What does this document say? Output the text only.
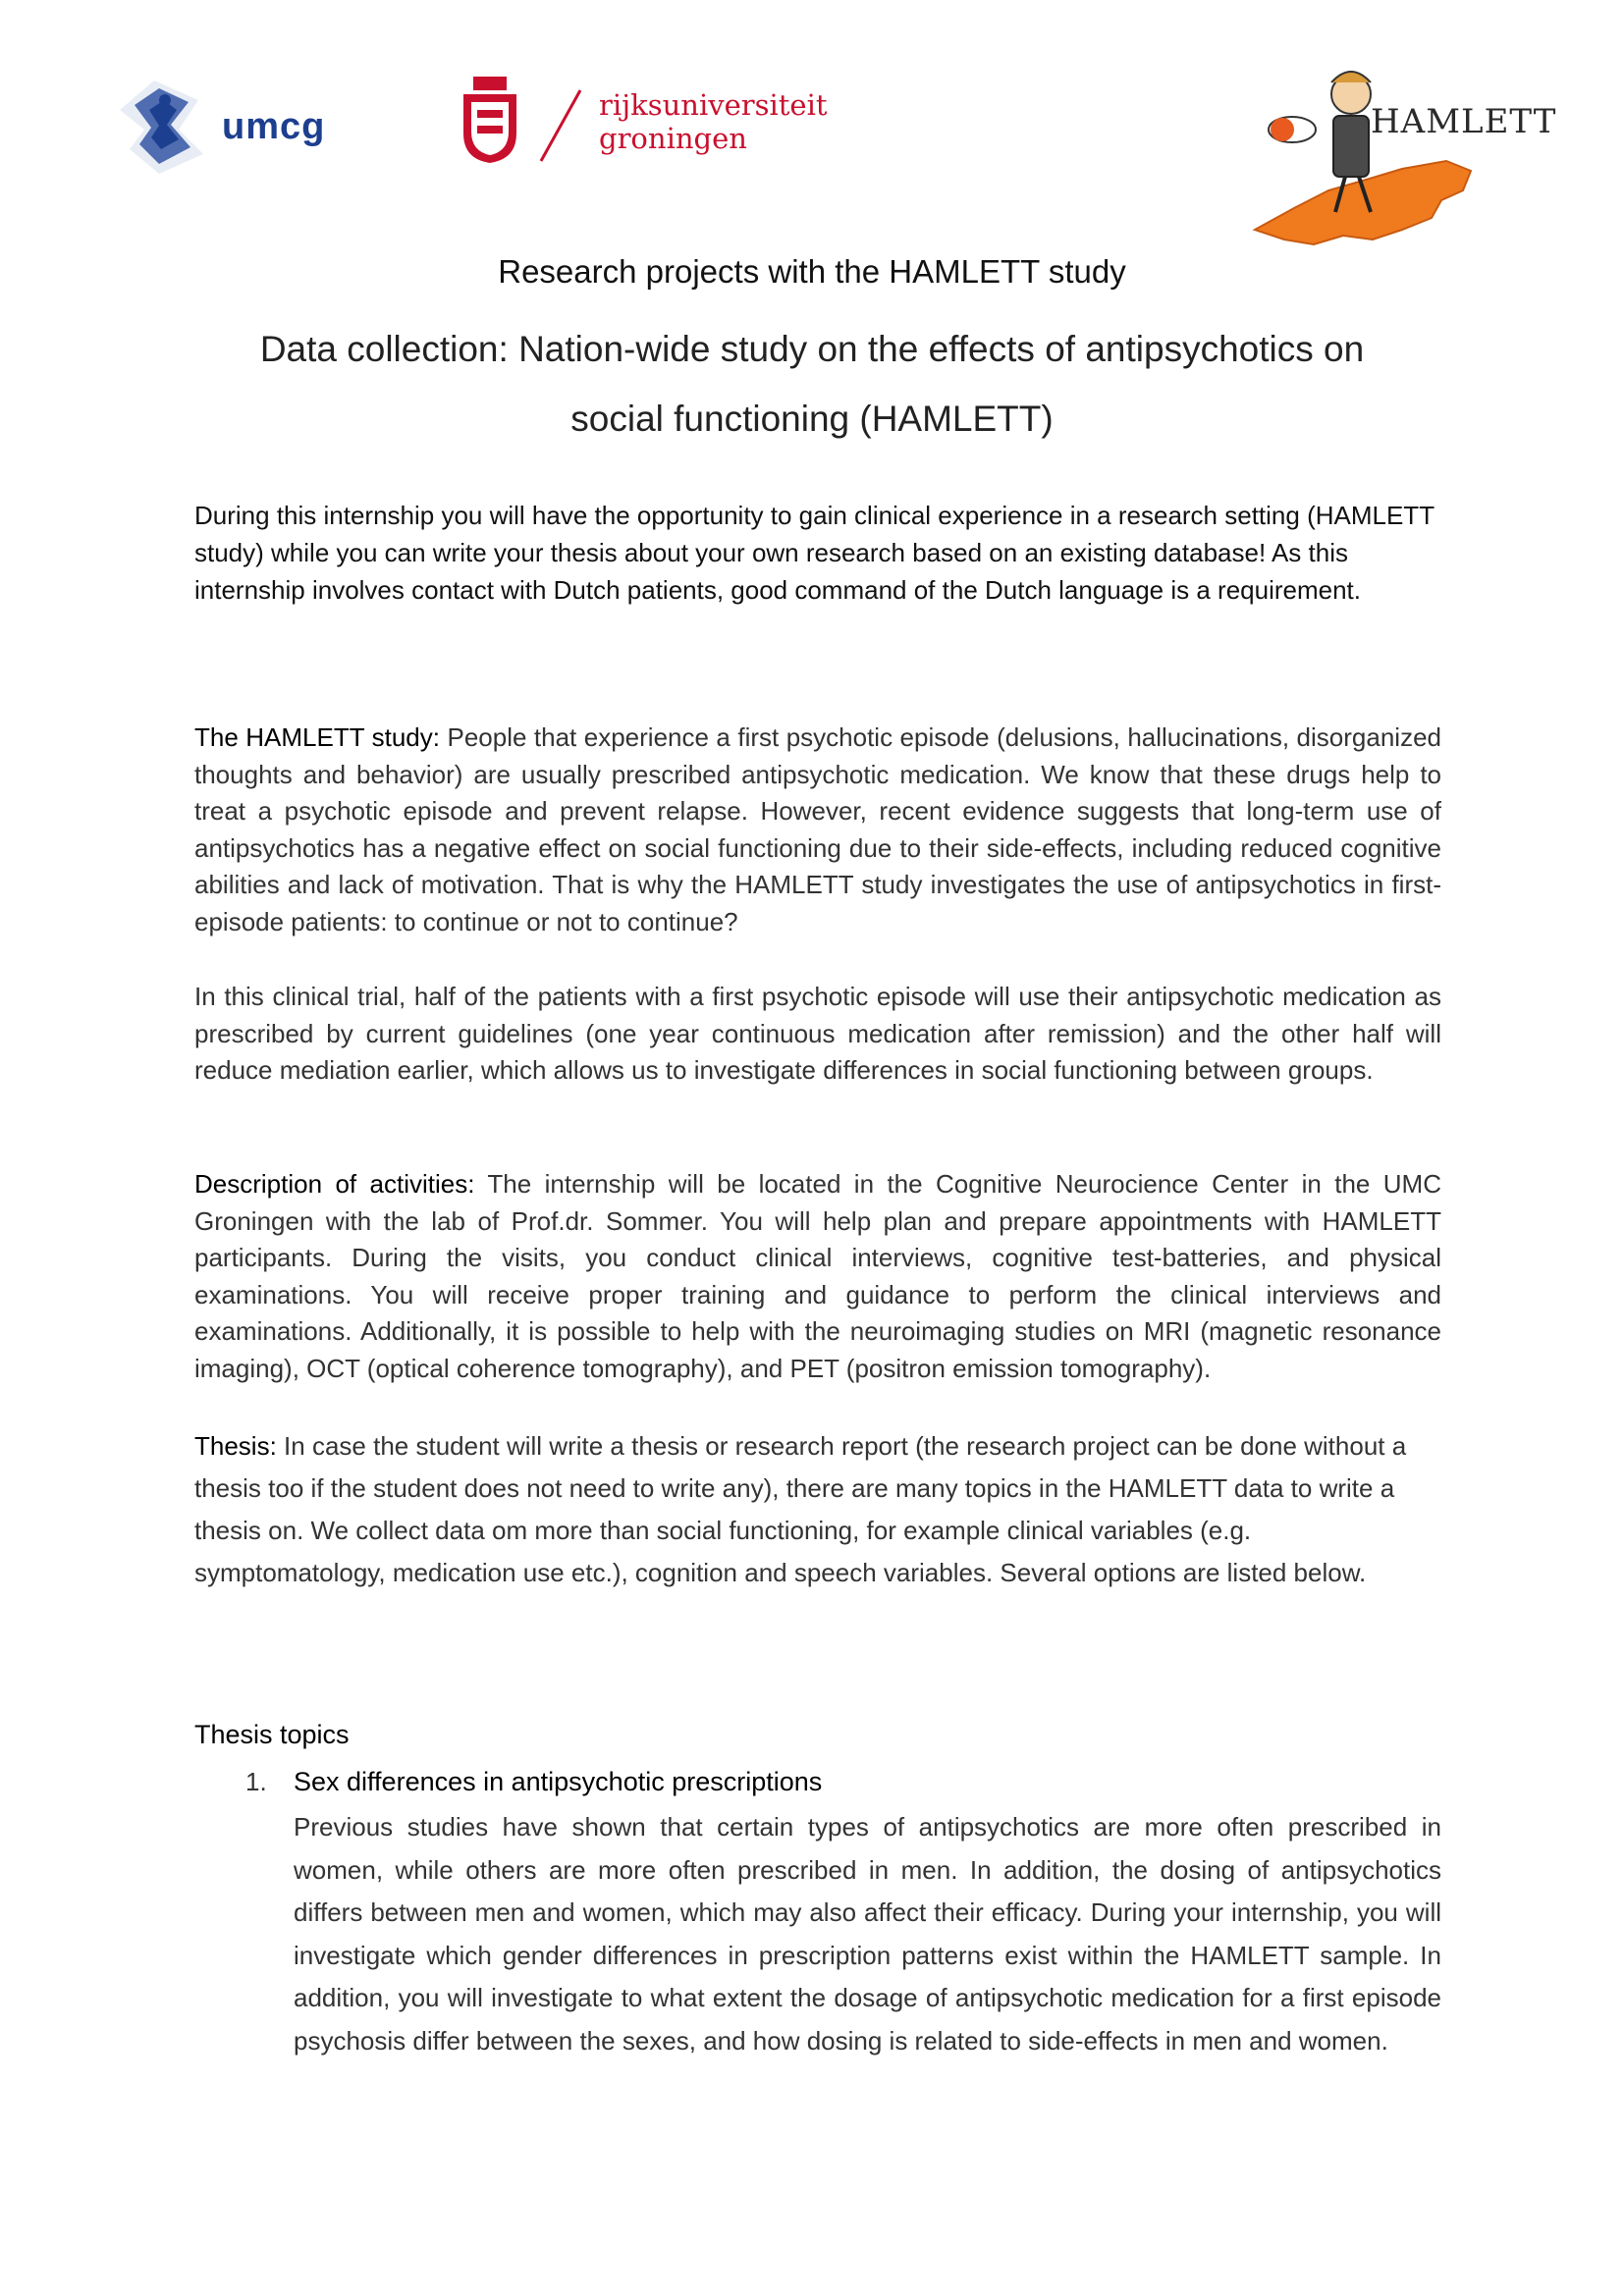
umcg
rijksuniversiteit
groningen	HAMLETT
Research projects with the HAMLETT study
Data collection: Nation-wide study on the effects of antipsychotics on social functioning (HAMLETT)
During this internship you will have the opportunity to gain clinical experience in a research setting (HAMLETT study) while you can write your thesis about your own research based on an existing database! As this internship involves contact with Dutch patients, good command of the Dutch language is a requirement.
The HAMLETT study: People that experience a first psychotic episode (delusions, hallucinations, disorganized thoughts and behavior) are usually prescribed antipsychotic medication. We know that these drugs help to treat a psychotic episode and prevent relapse. However, recent evidence suggests that long-term use of antipsychotics has a negative effect on social functioning due to their side-effects, including reduced cognitive abilities and lack of motivation. That is why the HAMLETT study investigates the use of antipsychotics in first-episode patients: to continue or not to continue?
In this clinical trial, half of the patients with a first psychotic episode will use their antipsychotic medication as prescribed by current guidelines (one year continuous medication after remission) and the other half will reduce mediation earlier, which allows us to investigate differences in social functioning between groups.
Description of activities: The internship will be located in the Cognitive Neurocience Center in the UMC Groningen with the lab of Prof.dr. Sommer. You will help plan and prepare appointments with HAMLETT participants. During the visits, you conduct clinical interviews, cognitive test-batteries, and physical examinations. You will receive proper training and guidance to perform the clinical interviews and examinations. Additionally, it is possible to help with the neuroimaging studies on MRI (magnetic resonance imaging), OCT (optical coherence tomography), and PET (positron emission tomography).
Thesis: In case the student will write a thesis or research report (the research project can be done without a thesis too if the student does not need to write any), there are many topics in the HAMLETT data to write a thesis on. We collect data om more than social functioning, for example clinical variables (e.g. symptomatology, medication use etc.), cognition and speech variables. Several options are listed below.
Thesis topics
1. Sex differences in antipsychotic prescriptions
Previous studies have shown that certain types of antipsychotics are more often prescribed in women, while others are more often prescribed in men. In addition, the dosing of antipsychotics differs between men and women, which may also affect their efficacy. During your internship, you will investigate which gender differences in prescription patterns exist within the HAMLETT sample. In addition, you will investigate to what extent the dosage of antipsychotic medication for a first episode psychosis differ between the sexes, and how dosing is related to side-effects in men and women.
